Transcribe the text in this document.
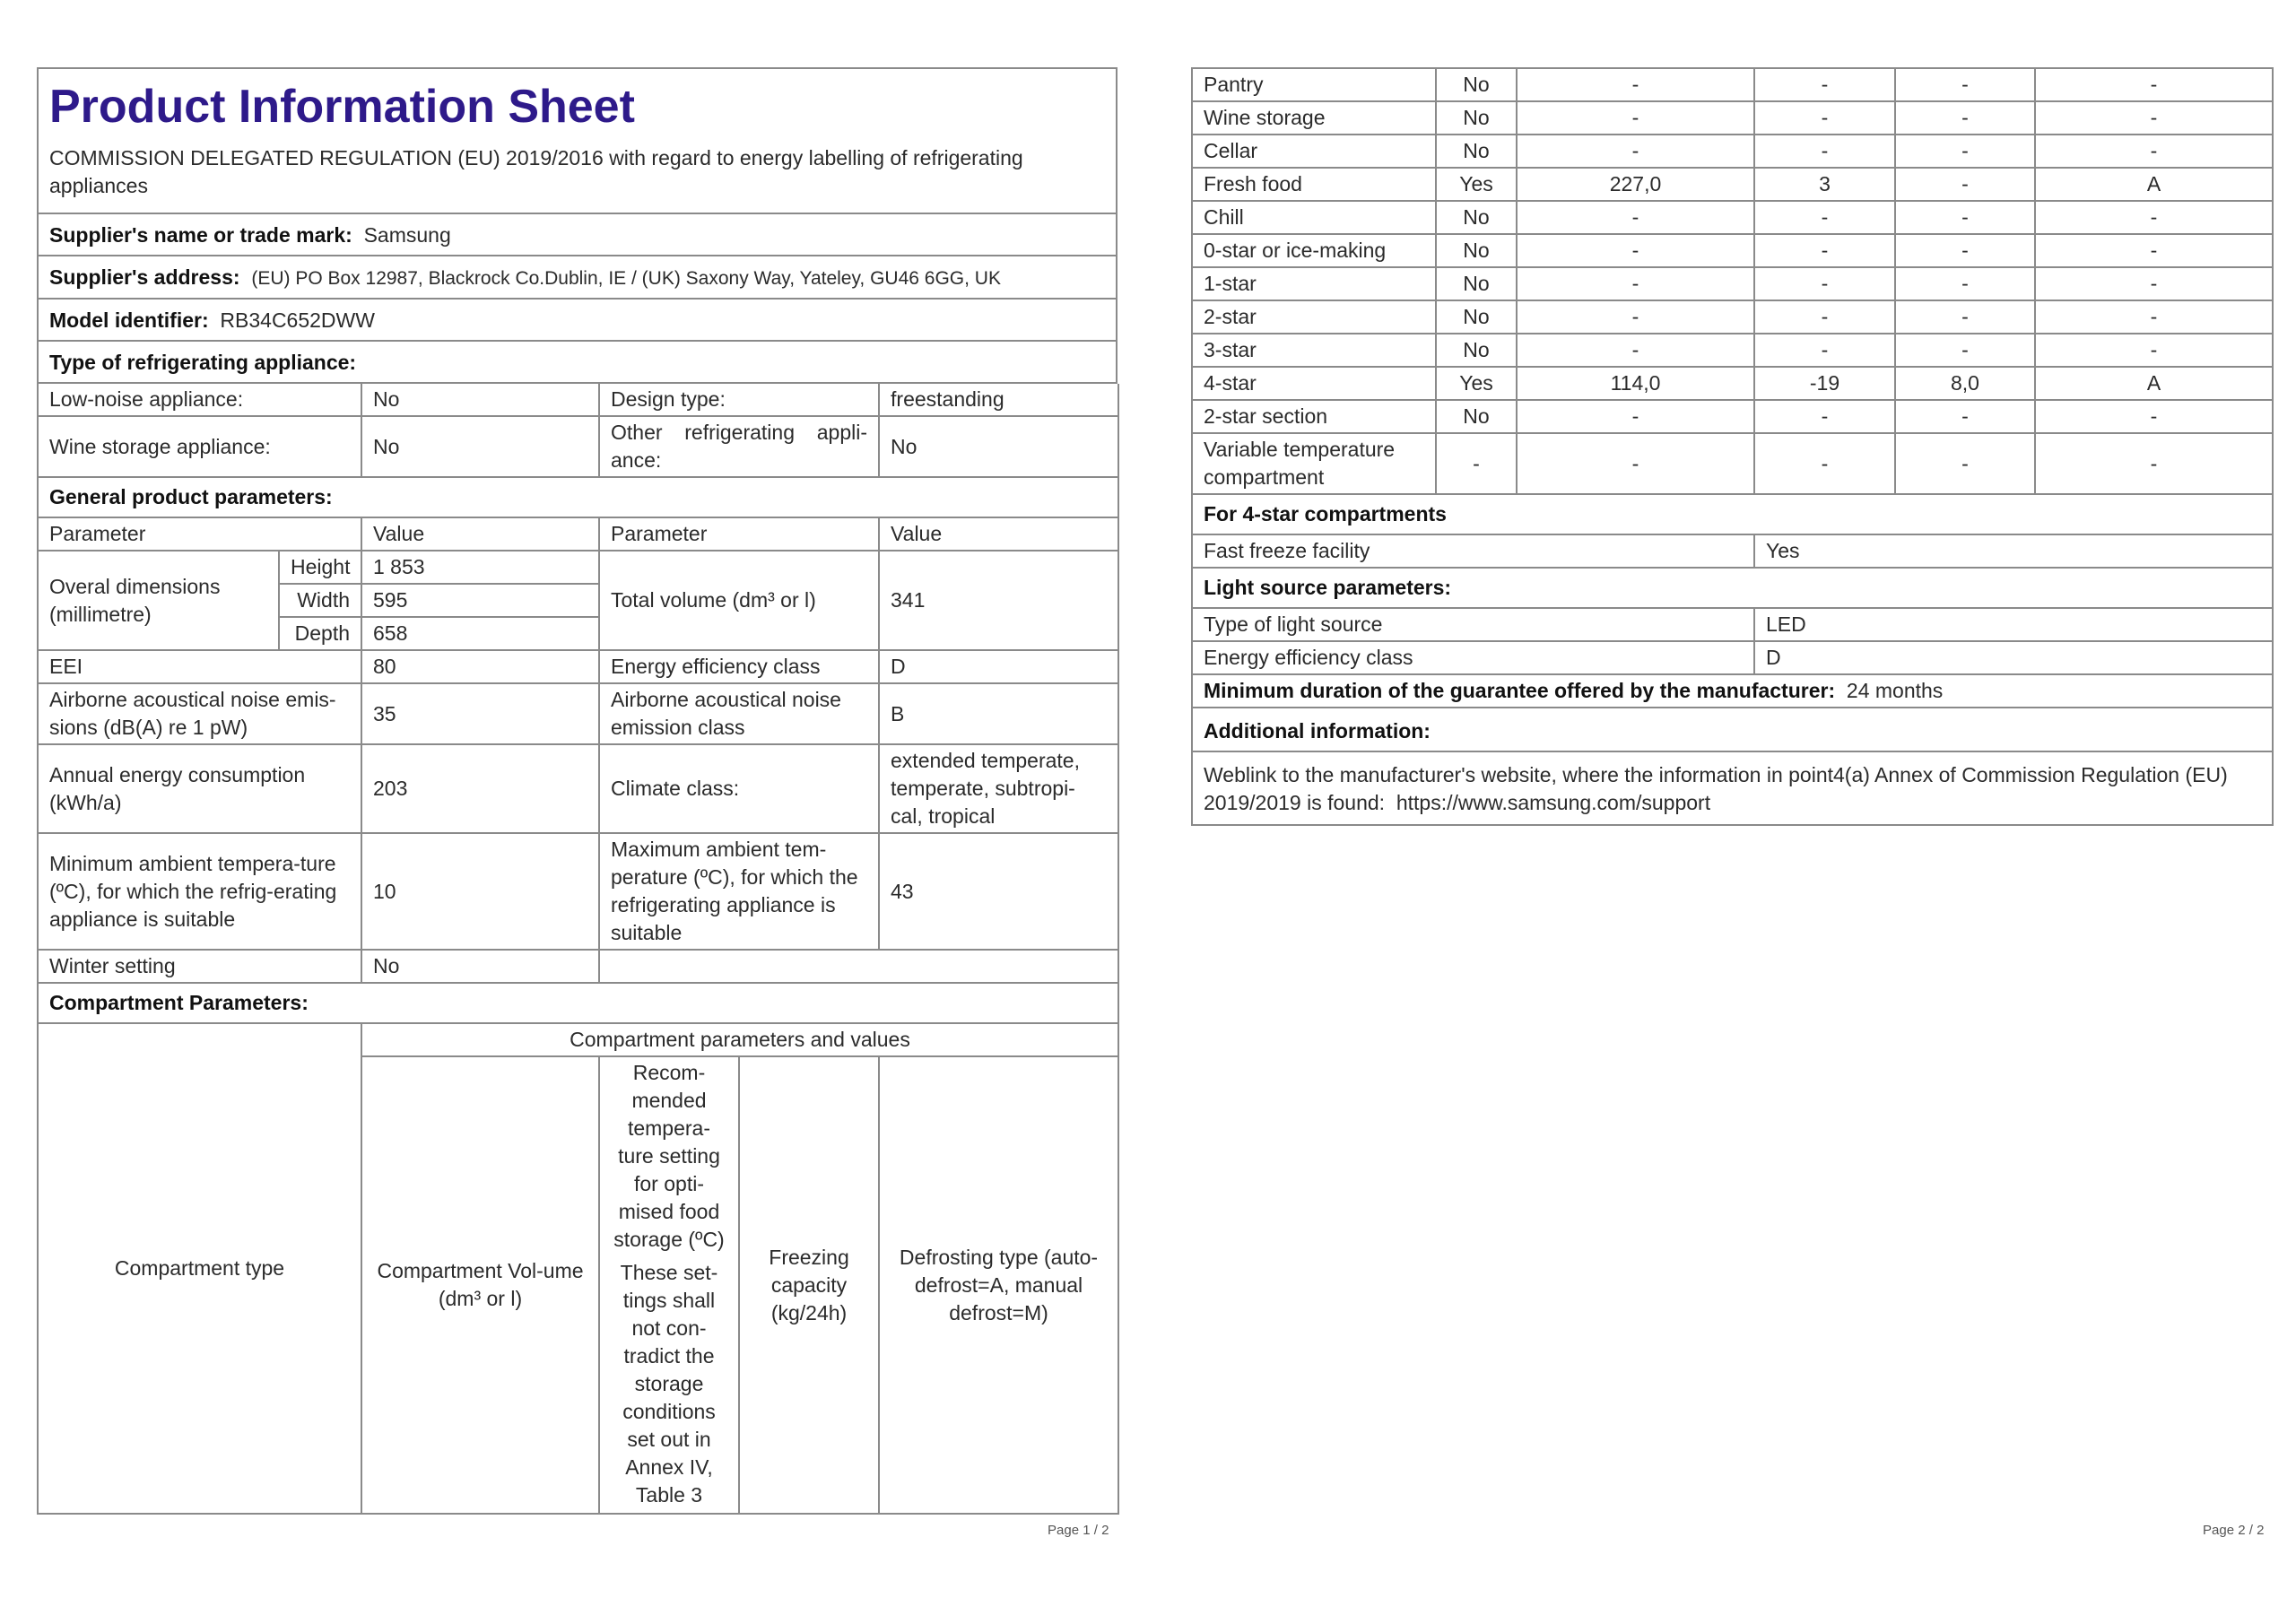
Product Information Sheet
COMMISSION DELEGATED REGULATION (EU) 2019/2016 with regard to energy labelling of refrigerating appliances
Supplier's name or trade mark: Samsung
Supplier's address: (EU) PO Box 12987, Blackrock Co.Dublin, IE / (UK) Saxony Way, Yateley, GU46 6GG, UK
Model identifier: RB34C652DWW
Type of refrigerating appliance:
Low-noise appliance:		No	Design type:		freestanding
Wine storage appliance:		No	Other refrigerating appli-ance:		No
General product parameters:					
Parameter		Value	Parameter		Value
Overal dimensions (millimetre)	Height	1 853	Total volume (dm³ or l)		341
	Width	595			
	Depth	658			
EEI		80	Energy efficiency class		D
Airborne acoustical noise emis-sions (dB(A) re 1 pW)		35	Airborne acoustical noise emission class		B
Annual energy consumption (kWh/a)		203	Climate class:		extended temperate, temperate, subtropi-cal, tropical
Minimum ambient tempera-ture (ºC), for which the refrig-erating appliance is suitable		10	Maximum ambient tem-perature (ºC), for which the refrigerating appliance is suitable		43
Winter setting		No			
Compartment Parameters:					
Compartment type		Compartment parameters and values			
		Compartment Vol-ume (dm³ or l)	Recom-mended tempera-ture setting for opti-mised food storage (ºC)
These set-tings shall not con-tradict the storage conditions set out in Annex IV, Table 3	Freezing capacity (kg/24h)	Defrosting type (auto-defrost=A, manual defrost=M)
Page 1 / 2
Pantry	No	-	-	-	-
Wine storage	No	-	-	-	-
Cellar	No	-	-	-	-
Fresh food	Yes	227,0	3	-	A
Chill	No	-	-	-	-
0-star or ice-making	No	-	-	-	-
1-star	No	-	-	-	-
2-star	No	-	-	-	-
3-star	No	-	-	-	-
4-star	Yes	114,0	-19	8,0	A
2-star section	No	-	-	-	-
Variable temperature compartment	-	-	-	-	-
For 4-star compartments	
Fast freeze facility	Yes
Light source parameters:	
Type of light source	LED
Energy efficiency class	D
Minimum duration of the guarantee offered by the manufacturer: 24 months	
Additional information:	
Weblink to the manufacturer's website, where the information in point4(a) Annex of Commission Regulation (EU) 2019/2019 is found: https://www.samsung.com/support	
Page 2 / 2
